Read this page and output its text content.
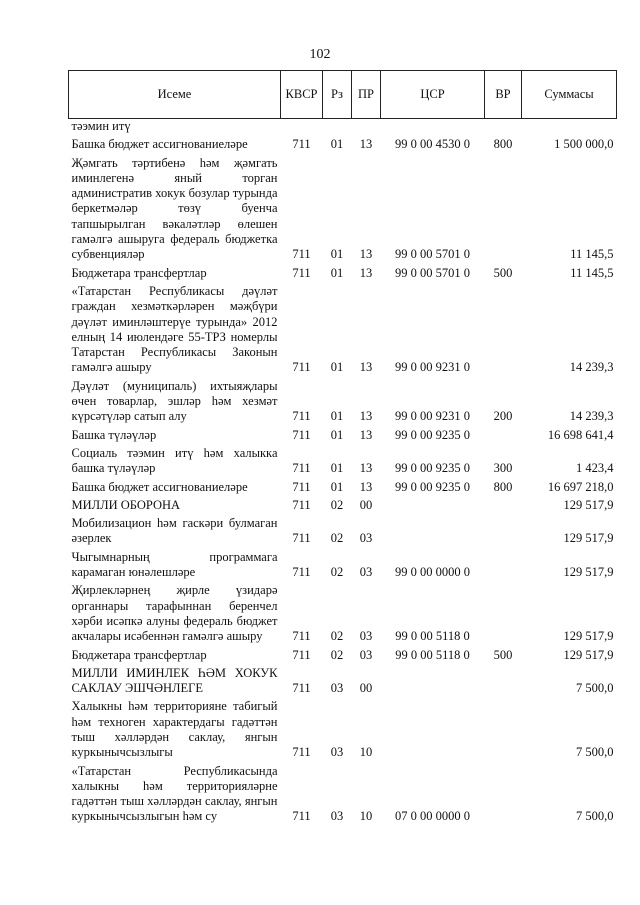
102
Исеме	КВСР	Рз	ПР	ЦСР	ВР	Суммасы
тәэмин итү						
Башка бюджет ассигнованиеләре	711	01	13	99 0 00 4530 0	800	1 500 000,0
Җәмгать тәртибенә һәм җәмгать иминлегенә яный торган административ хокук бозулар турында беркетмәләр төзү буенча тапшырылган вәкаләтләр өлешен гамәлгә ашыруга федераль бюджетка субвенцияләр	711	01	13	99 0 00 5701 0		11 145,5
Бюджетара трансфертлар	711	01	13	99 0 00 5701 0	500	11 145,5
«Татарстан Республикасы дәүләт граждан хезмәткәрләрен мәҗбүри дәүләт иминләштерүе турында» 2012 елның 14 июлендәге 55-ТРЗ номерлы Татарстан Республикасы Законын гамәлгә ашыру	711	01	13	99 0 00 9231 0		14 239,3
Дәүләт (муниципаль) ихтыяҗлары өчен товарлар, эшләр һәм хезмәт күрсәтүләр сатып алу	711	01	13	99 0 00 9231 0	200	14 239,3
Башка түләүләр	711	01	13	99 0 00 9235 0		16 698 641,4
Социаль тәэмин итү һәм халыкка башка түләүләр	711	01	13	99 0 00 9235 0	300	1 423,4
Башка бюджет ассигнованиеләре	711	01	13	99 0 00 9235 0	800	16 697 218,0
МИЛЛИ ОБОРОНА	711	02	00			129 517,9
Мобилизацион һәм гаскәри булмаган әзерлек	711	02	03			129 517,9
Чыгымнарның программага карамаган юнәлешләре	711	02	03	99 0 00 0000 0		129 517,9
Җирлекләрнең җирле үзидарә органнары тарафыннан беренчел хәрби исәпкә алуны федераль бюджет акчалары исәбеннән гамәлгә ашыру	711	02	03	99 0 00 5118 0		129 517,9
Бюджетара трансфертлар	711	02	03	99 0 00 5118 0	500	129 517,9
МИЛЛИ ИМИНЛЕК ҺӘМ ХОКУК САКЛАУ ЭШЧӘНЛЕГЕ	711	03	00			7 500,0
Халыкны һәм территорияне табигый һәм техноген характердагы гадәттән тыш хәлләрдән саклау, янгын куркынычсызлыгы	711	03	10			7 500,0
«Татарстан Республикасында халыкны һәм территорияләрне гадәттән тыш хәлләрдән саклау, янгын куркынычсызлыгын һәм су	711	03	10	07 0 00 0000 0		7 500,0
